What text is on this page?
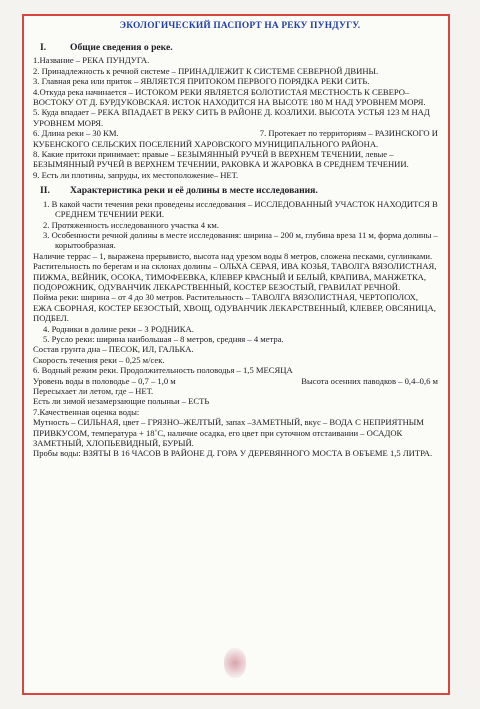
ЭКОЛОГИЧЕСКИЙ ПАСПОРТ НА РЕКУ ПУНДУГУ.
I. Общие сведения о реке.

1.Название – РЕКА ПУНДУГА.

2. Принадлежность к речной системе – ПРИНАДЛЕЖИТ К СИСТЕМЕ СЕВЕРНОЙ ДВИНЫ.

3. Главная река или приток – ЯВЛЯЕТСЯ ПРИТОКОМ ПЕРВОГО ПОРЯДКА РЕКИ СИТЬ.

4.Откуда река начинается – ИСТОКОМ РЕКИ ЯВЛЯЕТСЯ БОЛОТИСТАЯ МЕСТНОСТЬ К СЕВЕРО–ВОСТОКУ ОТ Д. БУРДУКОВСКАЯ. ИСТОК НАХОДИТСЯ НА ВЫСОТЕ 180 М НАД УРОВНЕМ МОРЯ.

5. Куда впадает – РЕКА ВПАДАЕТ В РЕКУ СИТЬ В РАЙОНЕ Д. КОЗЛИХИ. ВЫСОТА УСТЬЯ 123 М НАД УРОВНЕМ МОРЯ.

6. Длина реки – 30 КМ.	7. Протекает по территориям – РАЗИНСКОГО И

КУБЕНСКОГО СЕЛЬСКИХ ПОСЕЛЕНИЙ ХАРОВСКОГО МУНИЦИПАЛЬНОГО РАЙОНА.

8. Какие притоки принимает: правые – БЕЗЫМЯННЫЙ РУЧЕЙ В ВЕРХНЕМ ТЕЧЕНИИ, левые – БЕЗЫМЯННЫЙ РУЧЕЙ В ВЕРХНЕМ ТЕЧЕНИИ, РАКОВКА И ЖАРОВКА В СРЕДНЕМ ТЕЧЕНИИ.

9. Есть ли плотины, запруды, их местоположение– НЕТ.

II. Характеристика реки и её долины в месте исследования.

1. В какой части течения реки проведены исследования – ИССЛЕДОВАННЫЙ УЧАСТОК НАХОДИТСЯ В СРЕДНЕМ ТЕЧЕНИИ РЕКИ.

2. Протяженность исследованного участка 4 км.

3. Особенности речной долины в месте исследования: ширина – 200 м, глубина вреза 11 м, форма долины – корытообразная.

Наличие террас – 1, выражена прерывисто, высота над урезом воды 8 метров, сложена песками, суглинками.

Растительность по берегам и на склонах долины – ОЛЬХА СЕРАЯ, ИВА КОЗЬЯ, ТАВОЛГА ВЯЗОЛИСТНАЯ, ПИЖМА, ВЕЙНИК, ОСОКА, ТИМОФЕЕВКА, КЛЕВЕР КРАСНЫЙ И БЕЛЫЙ, КРАПИВА, МАНЖЕТКА, ПОДОРОЖНИК, ОДУВАНЧИК ЛЕКАРСТВЕННЫЙ, КОСТЕР БЕЗОСТЫЙ, ГРАВИЛАТ РЕЧНОЙ.

Пойма реки: ширина – от 4 до 30 метров. Растительность – ТАВОЛГА ВЯЗОЛИСТНАЯ, ЧЕРТОПОЛОХ, ЕЖА СБОРНАЯ, КОСТЕР БЕЗОСТЫЙ, ХВОЩ, ОДУВАНЧИК ЛЕКАРСТВЕННЫЙ, КЛЕВЕР, ОВСЯНИЦА, ПОДБЕЛ.

4. Родники в долине реки – 3 РОДНИКА.

5. Русло реки: ширина наибольшая – 8 метров, средняя – 4 метра.

Состав грунта дна – ПЕСОК, ИЛ, ГАЛЬКА.

Скорость течения реки – 0,25 м/сек.

6. Водный режим реки. Продолжительность половодья – 1,5 МЕСЯЦА

Уровень воды в половодье – 0,7 – 1,0 м	Высота осенних паводков – 0,4–0,6 м

Пересыхает ли летом, где – НЕТ.

Есть ли зимой незамерзающие полыньи – ЕСТЬ

7.Качественная оценка воды:

Мутность – СИЛЬНАЯ, цвет – ГРЯЗНО–ЖЕЛТЫЙ, запах –ЗАМЕТНЫЙ, вкус – ВОДА С НЕПРИЯТНЫМ ПРИВКУСОМ, температура + 18˚С, наличие осадка, его цвет при суточном отстаивании – ОСАДОК ЗАМЕТНЫЙ, ХЛОПЬЕВИДНЫЙ, БУРЫЙ.

Пробы воды: ВЗЯТЫ В 16 ЧАСОВ В РАЙОНЕ Д. ГОРА У ДЕРЕВЯННОГО МОСТА В ОБЪЕМЕ 1,5 ЛИТРА.
